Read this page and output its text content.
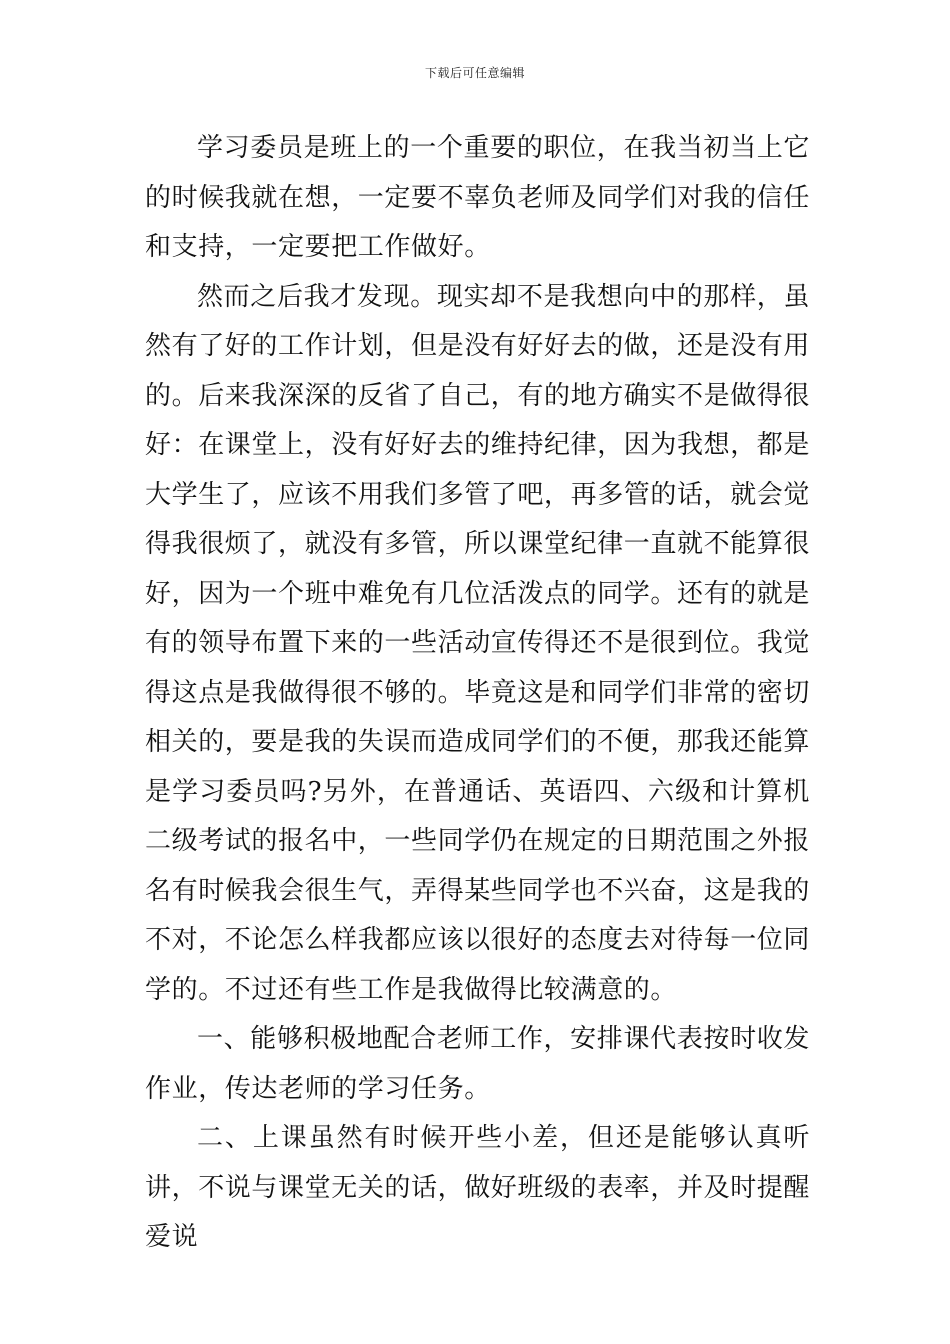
下载后可任意编辑

学习委员是班上的一个重要的职位，在我当初当上它的时候我就在想，一定要不辜负老师及同学们对我的信任和支持，一定要把工作做好。

然而之后我才发现。现实却不是我想向中的那样，虽然有了好的工作计划，但是没有好好去的做，还是没有用的。后来我深深的反省了自己，有的地方确实不是做得很好：在课堂上，没有好好去的维持纪律，因为我想，都是大学生了，应该不用我们多管了吧，再多管的话，就会觉得我很烦了，就没有多管，所以课堂纪律一直就不能算很好，因为一个班中难免有几位活泼点的同学。还有的就是有的领导布置下来的一些活动宣传得还不是很到位。我觉得这点是我做得很不够的。毕竟这是和同学们非常的密切相关的，要是我的失误而造成同学们的不便，那我还能算是学习委员吗?另外，在普通话、英语四、六级和计算机二级考试的报名中，一些同学仍在规定的日期范围之外报名有时候我会很生气，弄得某些同学也不兴奋，这是我的不对，不论怎么样我都应该以很好的态度去对待每一位同学的。不过还有些工作是我做得比较满意的。

一、能够积极地配合老师工作，安排课代表按时收发作业，传达老师的学习任务。

二、上课虽然有时候开些小差，但还是能够认真听讲，不说与课堂无关的话，做好班级的表率，并及时提醒爱说
